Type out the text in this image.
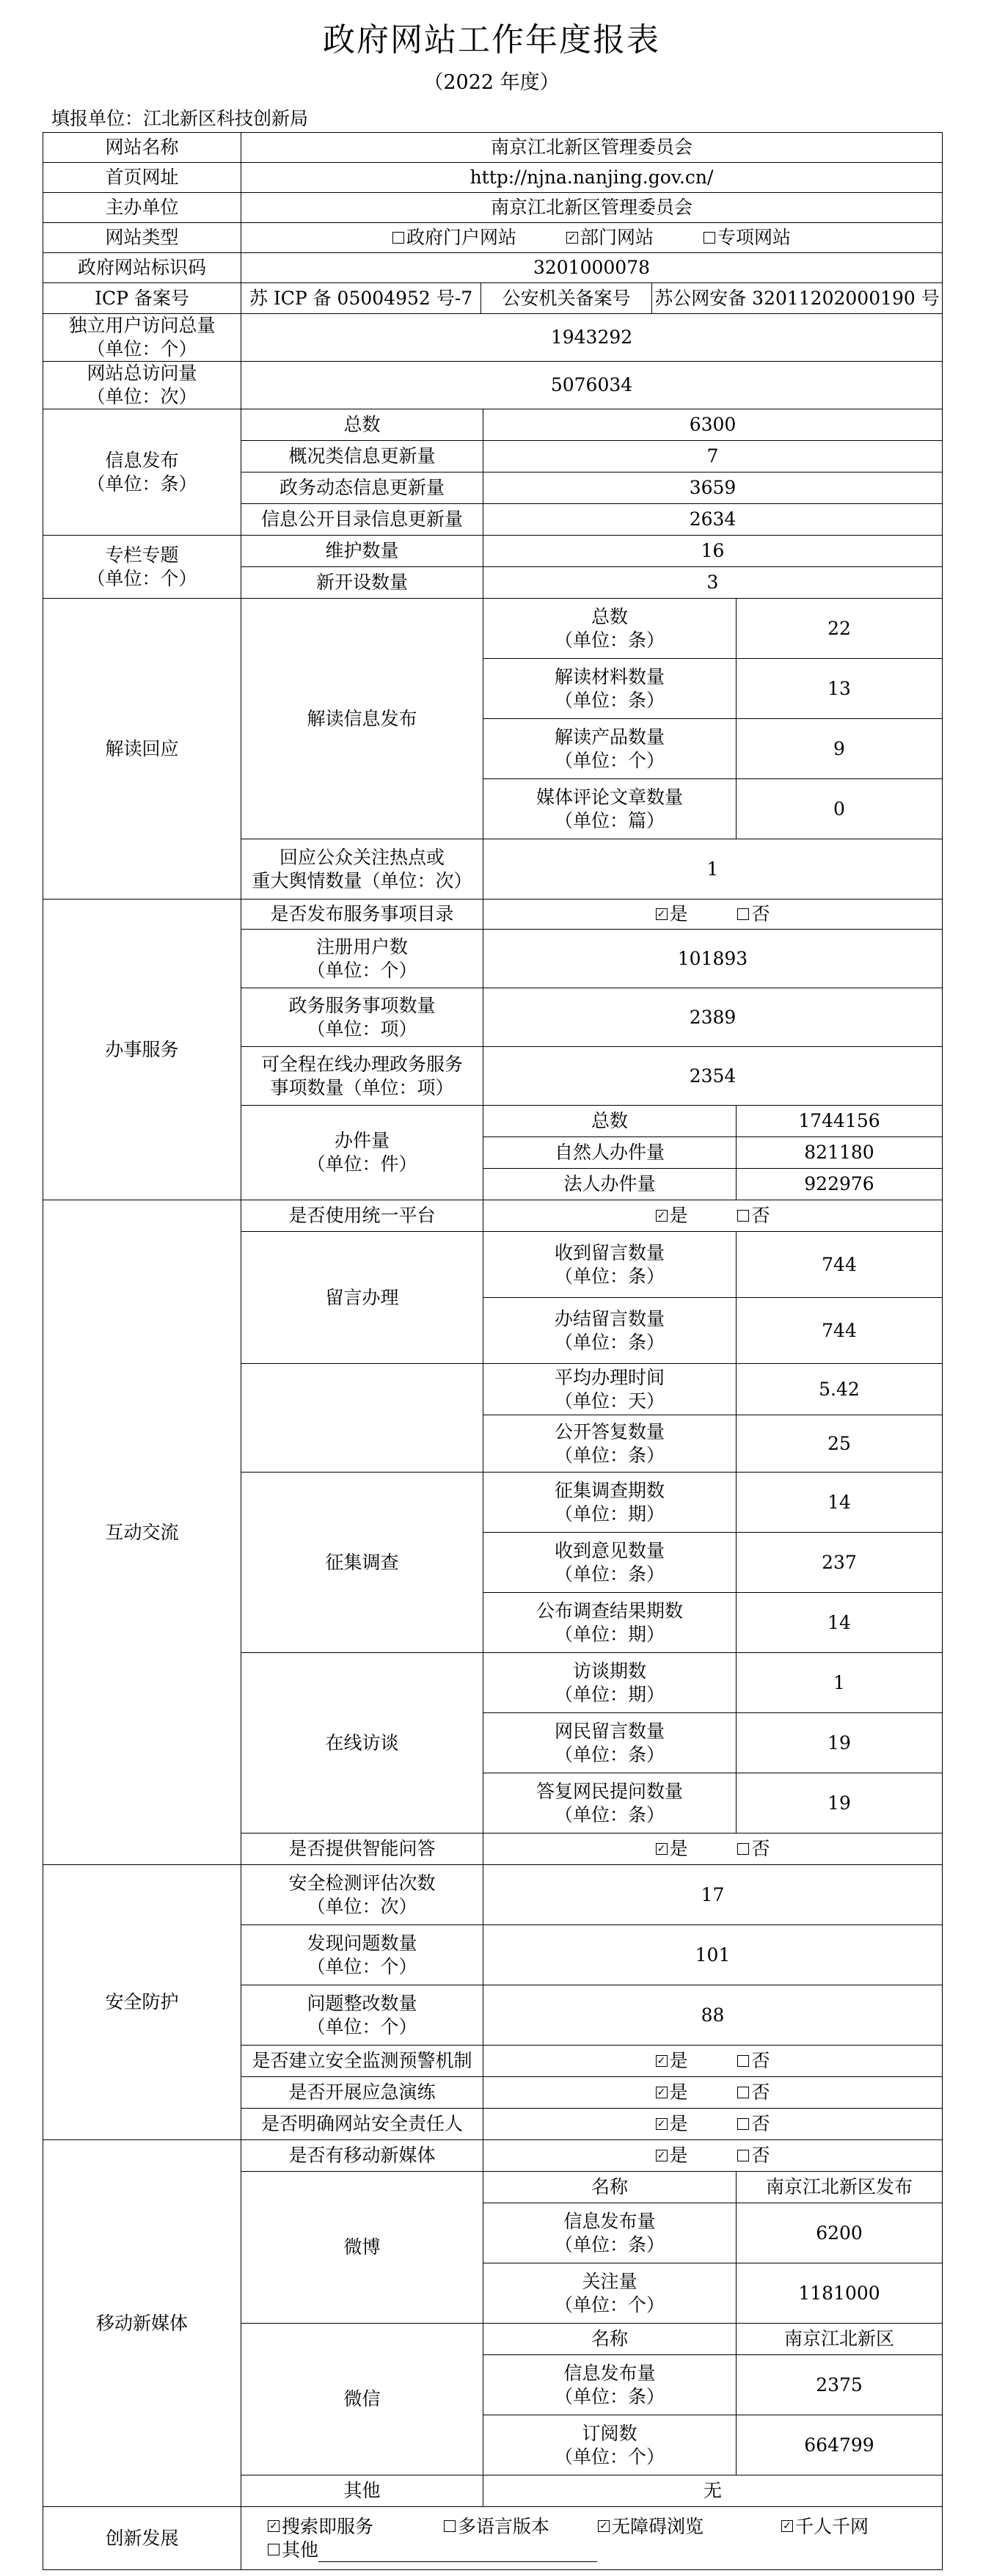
政府网站工作年度报表
（2022 年度）
填报单位：江北新区科技创新局
网站名称	南京江北新区管理委员会		
首页网址	http://njna.nanjing.gov.cn/		
主办单位	南京江北新区管理委员会		
网站类型	政府门户网站 ✓ 部门网站 专项网站		
政府网站标识码	3201000078		
ICP 备案号	苏 ICP 备 05004952 号-7 公安机关备案号 苏公网安备 32011202000190 号		

独立用户访问总量
（单位：个）	1943292		

网站总访问量
（单位：次）	5076034		

信息发布
（单位：条）	总数	6300	
	概况类信息更新量	7	
	政务动态信息更新量	3659	
	信息公开目录信息更新量	2634	

专栏专题
（单位：个）	维护数量	16	
	新开设数量	3	
解读回应	解读信息发布	总数
（单位：条）	22

		解读材料数量
（单位：条）	13

		解读产品数量
（单位：个）	9

		媒体评论文章数量
（单位：篇）	0

	回应公众关注热点或
重大舆情数量（单位：次）	1	
办事服务	是否发布服务事项目录	✓ 是 否	

	注册用户数
（单位：个）	101893	

	政务服务事项数量
（单位：项）	2389	

	可全程在线办理政务服务
事项数量（单位：项）	2354	

	办件量
（单位：件）	总数	1744156
		自然人办件量	821180
		法人办件量	922976
互动交流	是否使用统一平台	✓ 是 否	
	留言办理	收到留言数量
（单位：条）	744

		办结留言数量
（单位：条）	744

		平均办理时间
（单位：天）	5.42

		公开答复数量
（单位：条）	25
	征集调查	征集调查期数
（单位：期）	14

		收到意见数量
（单位：条）	237

		公布调查结果期数
（单位：期）	14
	在线访谈	访谈期数
（单位：期）	1

		网民留言数量
（单位：条）	19

		答复网民提问数量
（单位：条）	19
	是否提供智能问答	✓ 是 否	
安全防护	安全检测评估次数
（单位：次）	17	

	发现问题数量
（单位：个）	101	

	问题整改数量
（单位：个）	88	
	是否建立安全监测预警机制	✓ 是 否	
	是否开展应急演练	✓ 是 否	
	是否明确网站安全责任人	✓ 是 否	
移动新媒体	是否有移动新媒体	✓ 是 否	
	微博	名称	南京江北新区发布

		信息发布量
（单位：条）	6200

		关注量
（单位：个）	1181000
	微信	名称	南京江北新区

		信息发布量
（单位：条）	2375

		订阅数
（单位：个）	664799
	其他	无	
创新发展	✓ 搜索即服务 多语言版本 ✓ 无障碍浏览 ✓ 千人千网
其他		
